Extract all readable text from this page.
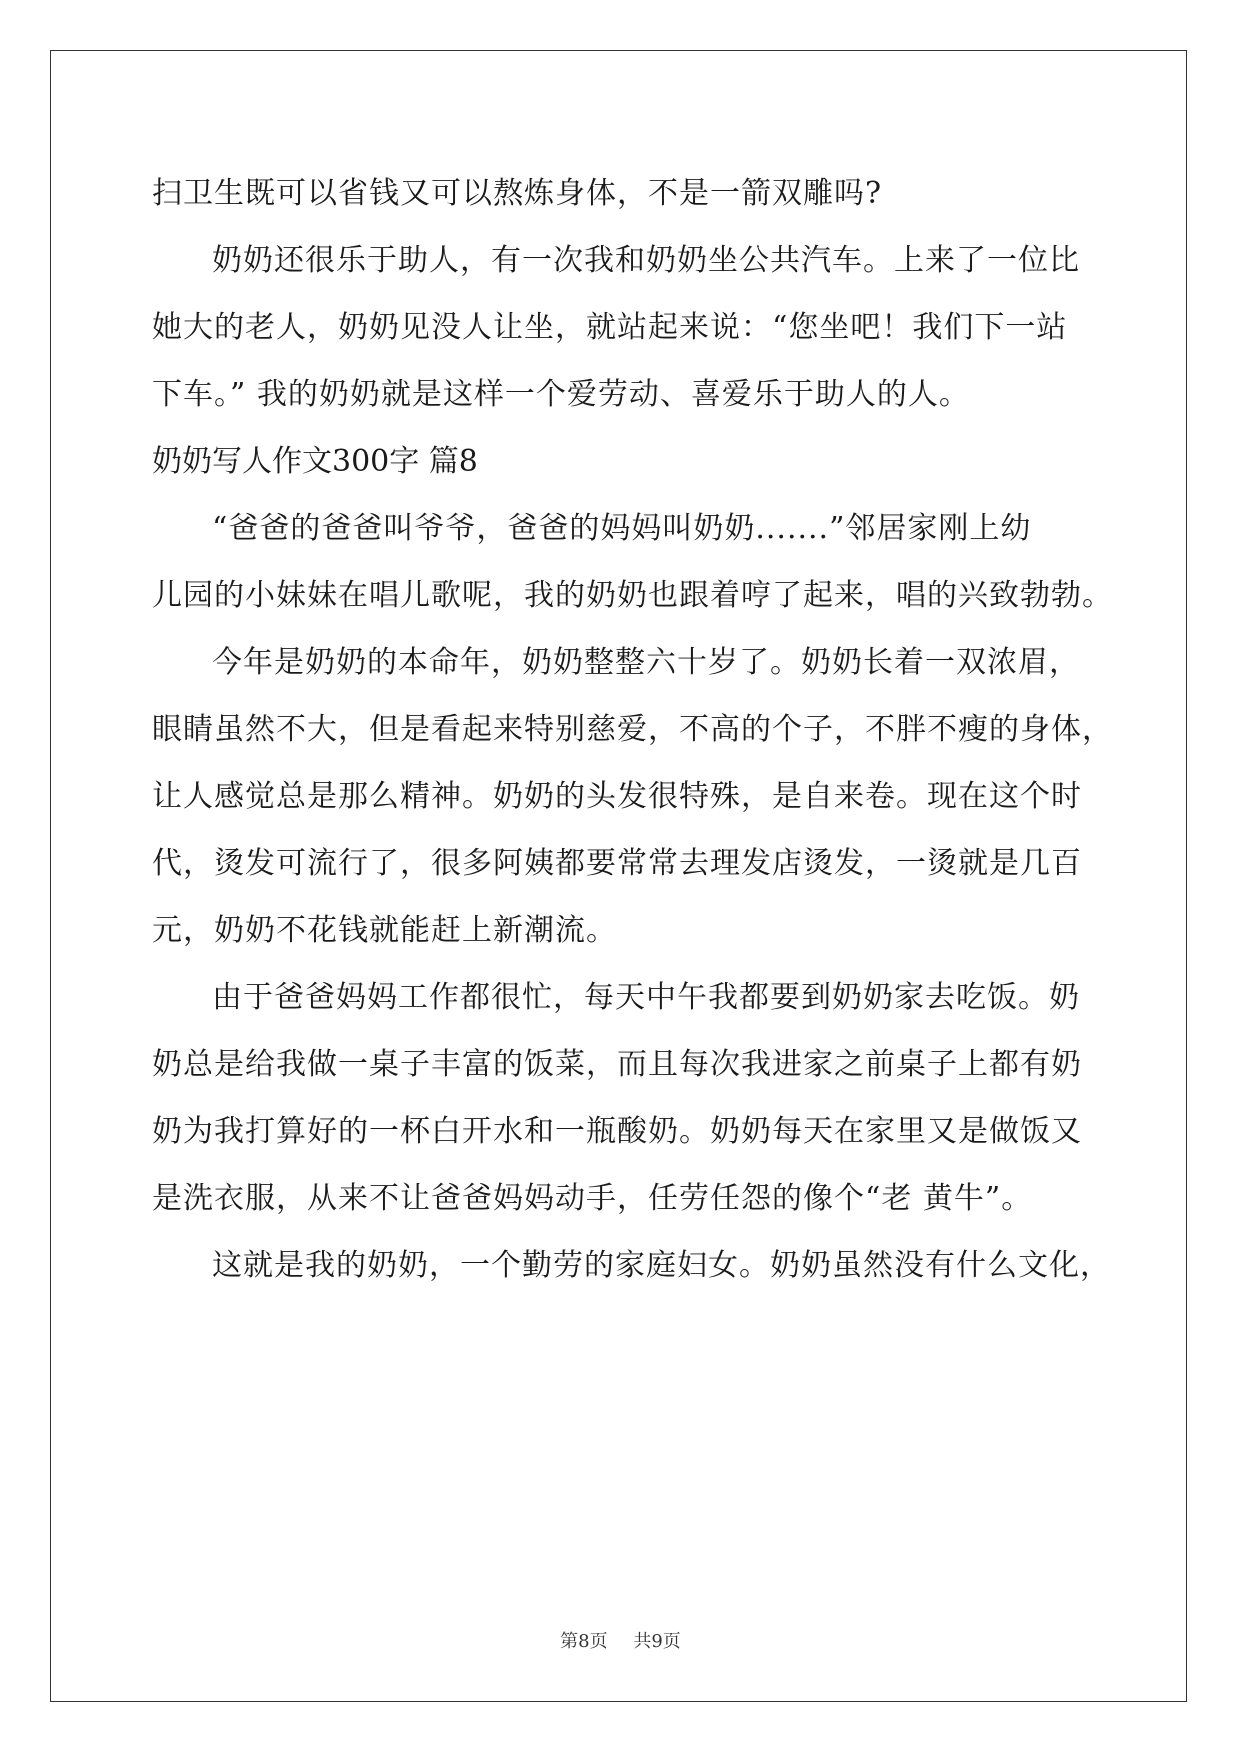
扫卫生既可以省钱又可以熬炼身体，不是一箭双雕吗?

奶奶还很乐于助人，有一次我和奶奶坐公共汽车。上来了一位比

她大的老人，奶奶见没人让坐，就站起来说：“您坐吧！我们下一站

下车。” 我的奶奶就是这样一个爱劳动、喜爱乐于助人的人。

奶奶写人作文300字 篇8

“爸爸的爸爸叫爷爷，爸爸的妈妈叫奶奶.......”邻居家刚上幼

儿园的小妹妹在唱儿歌呢，我的奶奶也跟着哼了起来，唱的兴致勃勃。

今年是奶奶的本命年，奶奶整整六十岁了。奶奶长着一双浓眉，

眼睛虽然不大，但是看起来特别慈爱，不高的个子，不胖不瘦的身体，

让人感觉总是那么精神。奶奶的头发很特殊，是自来卷。现在这个时

代，烫发可流行了，很多阿姨都要常常去理发店烫发，一烫就是几百

元，奶奶不花钱就能赶上新潮流。

由于爸爸妈妈工作都很忙，每天中午我都要到奶奶家去吃饭。奶

奶总是给我做一桌子丰富的饭菜，而且每次我进家之前桌子上都有奶

奶为我打算好的一杯白开水和一瓶酸奶。奶奶每天在家里又是做饭又

是洗衣服，从来不让爸爸妈妈动手，任劳任怨的像个“老 黄牛”。

这就是我的奶奶，一个勤劳的家庭妇女。奶奶虽然没有什么文化，

第8页 共9页
